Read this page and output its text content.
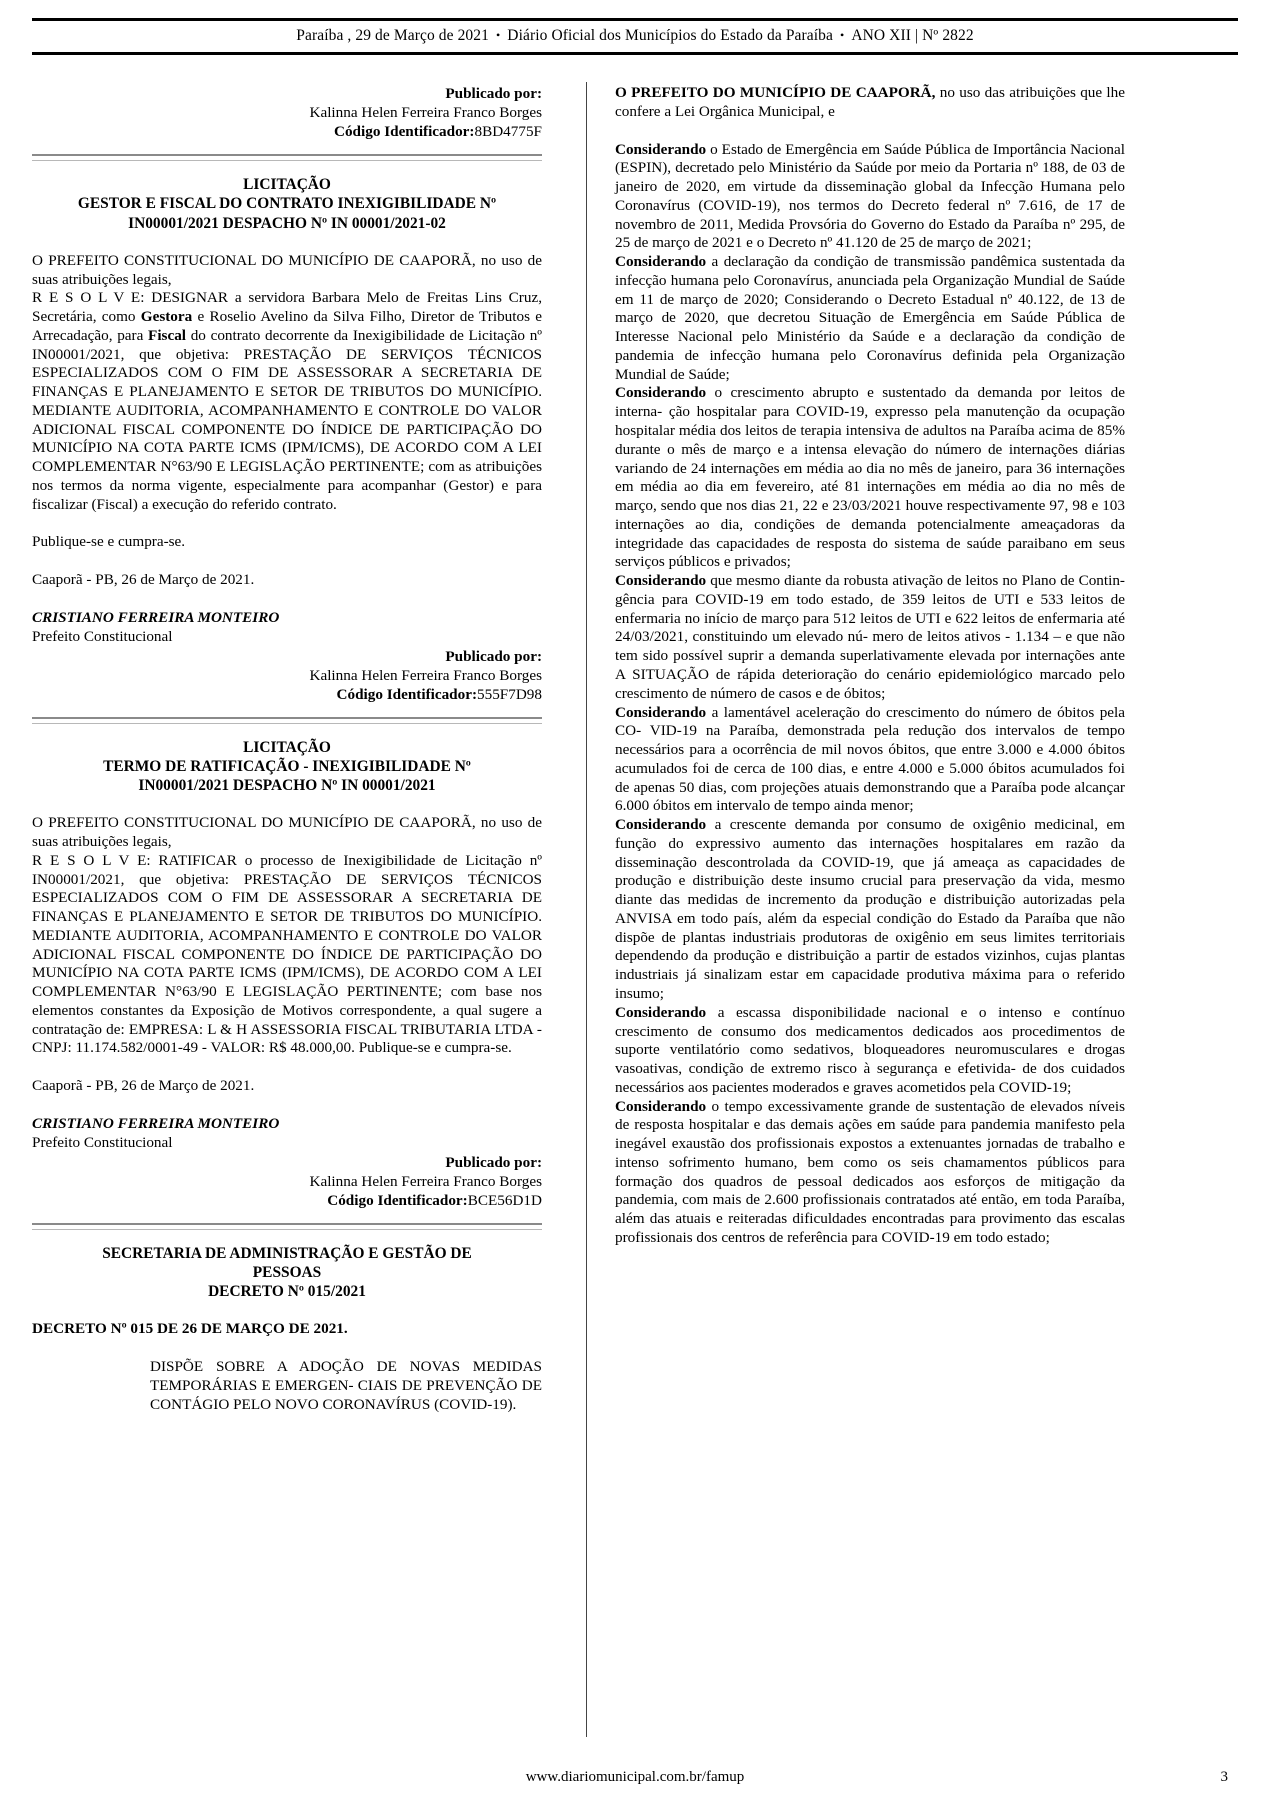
Paraíba , 29 de Março de 2021 • Diário Oficial dos Municípios do Estado da Paraíba • ANO XII | Nº 2822
Publicado por:
Kalinna Helen Ferreira Franco Borges
Código Identificador:8BD4775F
LICITAÇÃO
GESTOR E FISCAL DO CONTRATO INEXIGIBILIDADE Nº
IN00001/2021 DESPACHO Nº IN 00001/2021-02

O PREFEITO CONSTITUCIONAL DO MUNICÍPIO DE CAAPORÃ, no uso de suas atribuições legais,

R E S O L V E: DESIGNAR a servidora Barbara Melo de Freitas Lins Cruz, Secretária, como Gestora e Roselio Avelino da Silva Filho, Diretor de Tributos e Arrecadação, para Fiscal do contrato decorrente da Inexigibilidade de Licitação nº IN00001/2021, que objetiva: PRESTAÇÃO DE SERVIÇOS TÉCNICOS ESPECIALIZADOS COM O FIM DE ASSESSORAR A SECRETARIA DE FINANÇAS E PLANEJAMENTO E SETOR DE TRIBUTOS DO MUNICÍPIO. MEDIANTE AUDITORIA, ACOMPANHAMENTO E CONTROLE DO VALOR ADICIONAL FISCAL COMPONENTE DO ÍNDICE DE PARTICIPAÇÃO DO MUNICÍPIO NA COTA PARTE ICMS (IPM/ICMS), DE ACORDO COM A LEI COMPLEMENTAR N°63/90 E LEGISLAÇÃO PERTINENTE; com as atribuições nos termos da norma vigente, especialmente para acompanhar (Gestor) e para fiscalizar (Fiscal) a execução do referido contrato.

Publique-se e cumpra-se.

Caaporã - PB, 26 de Março de 2021.

CRISTIANO FERREIRA MONTEIRO

Prefeito Constitucional

Publicado por:
Kalinna Helen Ferreira Franco Borges
Código Identificador:555F7D98
LICITAÇÃO
TERMO DE RATIFICAÇÃO - INEXIGIBILIDADE Nº
IN00001/2021 DESPACHO Nº IN 00001/2021

O PREFEITO CONSTITUCIONAL DO MUNICÍPIO DE CAAPORÃ, no uso de suas atribuições legais,

R E S O L V E: RATIFICAR o processo de Inexigibilidade de Licitação nº IN00001/2021, que objetiva: PRESTAÇÃO DE SERVIÇOS TÉCNICOS ESPECIALIZADOS COM O FIM DE ASSESSORAR A SECRETARIA DE FINANÇAS E PLANEJAMENTO E SETOR DE TRIBUTOS DO MUNICÍPIO. MEDIANTE AUDITORIA, ACOMPANHAMENTO E CONTROLE DO VALOR ADICIONAL FISCAL COMPONENTE DO ÍNDICE DE PARTICIPAÇÃO DO MUNICÍPIO NA COTA PARTE ICMS (IPM/ICMS), DE ACORDO COM A LEI COMPLEMENTAR N°63/90 E LEGISLAÇÃO PERTINENTE; com base nos elementos constantes da Exposição de Motivos correspondente, a qual sugere a contratação de: EMPRESA: L & H ASSESSORIA FISCAL TRIBUTARIA LTDA - CNPJ: 11.174.582/0001-49 - VALOR: R$ 48.000,00. Publique-se e cumpra-se.

Caaporã - PB, 26 de Março de 2021.

CRISTIANO FERREIRA MONTEIRO

Prefeito Constitucional

Publicado por:
Kalinna Helen Ferreira Franco Borges
Código Identificador:BCE56D1D
SECRETARIA DE ADMINISTRAÇÃO E GESTÃO DE
PESSOAS
DECRETO Nº 015/2021

DECRETO Nº 015 DE 26 DE MARÇO DE 2021.

DISPÕE SOBRE A ADOÇÃO DE NOVAS MEDIDAS TEMPORÁRIAS E EMERGEN- CIAIS DE PREVENÇÃO DE CONTÁGIO PELO NOVO CORONAVÍRUS (COVID-19).

O PREFEITO DO MUNICÍPIO DE CAAPORÃ, no uso das atribuições que lhe confere a Lei Orgânica Municipal, e

Considerando o Estado de Emergência em Saúde Pública de Importância Nacional (ESPIN), decretado pelo Ministério da Saúde por meio da Portaria nº 188, de 03 de janeiro de 2020, em virtude da disseminação global da Infecção Humana pelo Coronavírus (COVID-19), nos termos do Decreto federal nº 7.616, de 17 de novembro de 2011, Medida Provsória do Governo do Estado da Paraíba nº 295, de 25 de março de 2021 e o Decreto nº 41.120 de 25 de março de 2021;

Considerando a declaração da condição de transmissão pandêmica sustentada da infecção humana pelo Coronavírus, anunciada pela Organização Mundial de Saúde em 11 de março de 2020; Considerando o Decreto Estadual nº 40.122, de 13 de março de 2020, que decretou Situação de Emergência em Saúde Pública de Interesse Nacional pelo Ministério da Saúde e a declaração da condição de pandemia de infecção humana pelo Coronavírus definida pela Organização Mundial de Saúde;

Considerando o crescimento abrupto e sustentado da demanda por leitos de interna- ção hospitalar para COVID-19, expresso pela manutenção da ocupação hospitalar média dos leitos de terapia intensiva de adultos na Paraíba acima de 85% durante o mês de março e a intensa elevação do número de internações diárias variando de 24 internações em média ao dia no mês de janeiro, para 36 internações em média ao dia em fevereiro, até 81 internações em média ao dia no mês de março, sendo que nos dias 21, 22 e 23/03/2021 houve respectivamente 97, 98 e 103 internações ao dia, condições de demanda potencialmente ameaçadoras da integridade das capacidades de resposta do sistema de saúde paraibano em seus serviços públicos e privados;

Considerando que mesmo diante da robusta ativação de leitos no Plano de Contin- gência para COVID-19 em todo estado, de 359 leitos de UTI e 533 leitos de enfermaria no início de março para 512 leitos de UTI e 622 leitos de enfermaria até 24/03/2021, constituindo um elevado nú- mero de leitos ativos - 1.134 – e que não tem sido possível suprir a demanda superlativamente elevada por internações ante A SITUAÇÃO de rápida deterioração do cenário epidemiológico marcado pelo crescimento de número de casos e de óbitos;

Considerando a lamentável aceleração do crescimento do número de óbitos pela CO- VID-19 na Paraíba, demonstrada pela redução dos intervalos de tempo necessários para a ocorrência de mil novos óbitos, que entre 3.000 e 4.000 óbitos acumulados foi de cerca de 100 dias, e entre 4.000 e 5.000 óbitos acumulados foi de apenas 50 dias, com projeções atuais demonstrando que a Paraíba pode alcançar 6.000 óbitos em intervalo de tempo ainda menor;

Considerando a crescente demanda por consumo de oxigênio medicinal, em função do expressivo aumento das internações hospitalares em razão da disseminação descontrolada da COVID-19, que já ameaça as capacidades de produção e distribuição deste insumo crucial para preservação da vida, mesmo diante das medidas de incremento da produção e distribuição autorizadas pela ANVISA em todo país, além da especial condição do Estado da Paraíba que não dispõe de plantas industriais produtoras de oxigênio em seus limites territoriais dependendo da produção e distribuição a partir de estados vizinhos, cujas plantas industriais já sinalizam estar em capacidade produtiva máxima para o referido insumo;

Considerando a escassa disponibilidade nacional e o intenso e contínuo crescimento de consumo dos medicamentos dedicados aos procedimentos de suporte ventilatório como sedativos, bloqueadores neuromusculares e drogas vasoativas, condição de extremo risco à segurança e efetivida- de dos cuidados necessários aos pacientes moderados e graves acometidos pela COVID-19;

Considerando o tempo excessivamente grande de sustentação de elevados níveis de resposta hospitalar e das demais ações em saúde para pandemia manifesto pela inegável exaustão dos profissionais expostos a extenuantes jornadas de trabalho e intenso sofrimento humano, bem como os seis chamamentos públicos para formação dos quadros de pessoal dedicados aos esforços de mitigação da pandemia, com mais de 2.600 profissionais contratados até então, em toda Paraíba, além das atuais e reiteradas dificuldades encontradas para provimento das escalas profissionais dos centros de referência para COVID-19 em todo estado;

www.diariomunicipal.com.br/famup	3
